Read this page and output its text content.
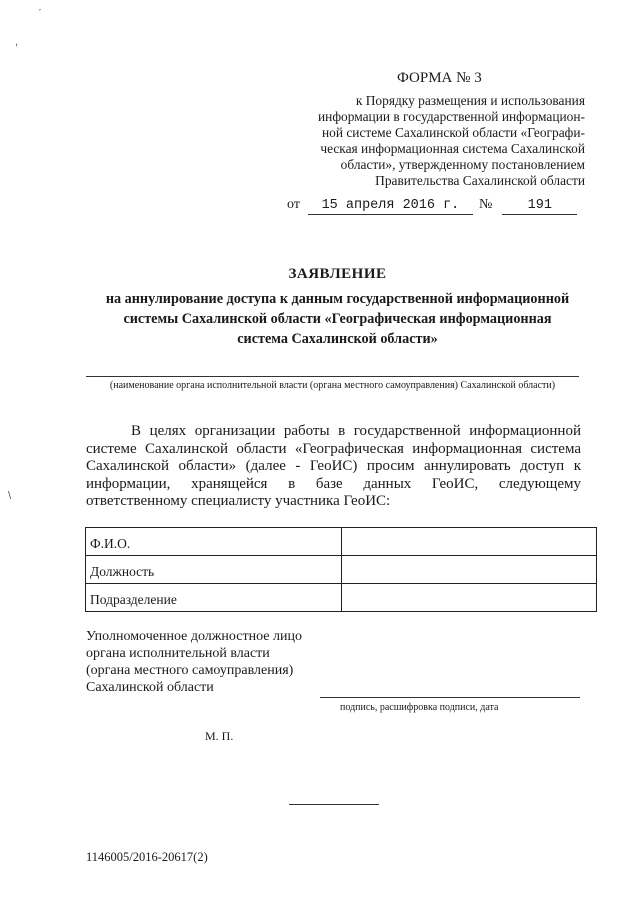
ˊ
,
\
ФОРМА № 3
к Порядку размещения и использования
информации в государственной информацион-
ной системе Сахалинской области «Географи-
ческая информационная система Сахалинской
области», утвержденному постановлением
Правительства Сахалинской области
от 15 апреля 2016 г. №	191
ЗАЯВЛЕНИЕ
на аннулирование доступа к данным государственной информационной
системы Сахалинской области «Географическая информационная
система Сахалинской области»
(наименование органа исполнительной власти (органа местного самоуправления) Сахалинской области)
В целях организации работы в государственной информационной системе Сахалинской области «Географическая информационная система Сахалинской области» (далее - ГеоИС) просим аннулировать доступ к информации, хранящейся в базе данных ГеоИС, следующему ответственному специалисту участника ГеоИС:
Ф.И.О.	
Должность	
Подразделение	
Уполномоченное должностное лицо
органа исполнительной власти
(органа местного самоуправления)
Сахалинской области
подпись, расшифровка подписи, дата
М. П.
1146005/2016-20617(2)
